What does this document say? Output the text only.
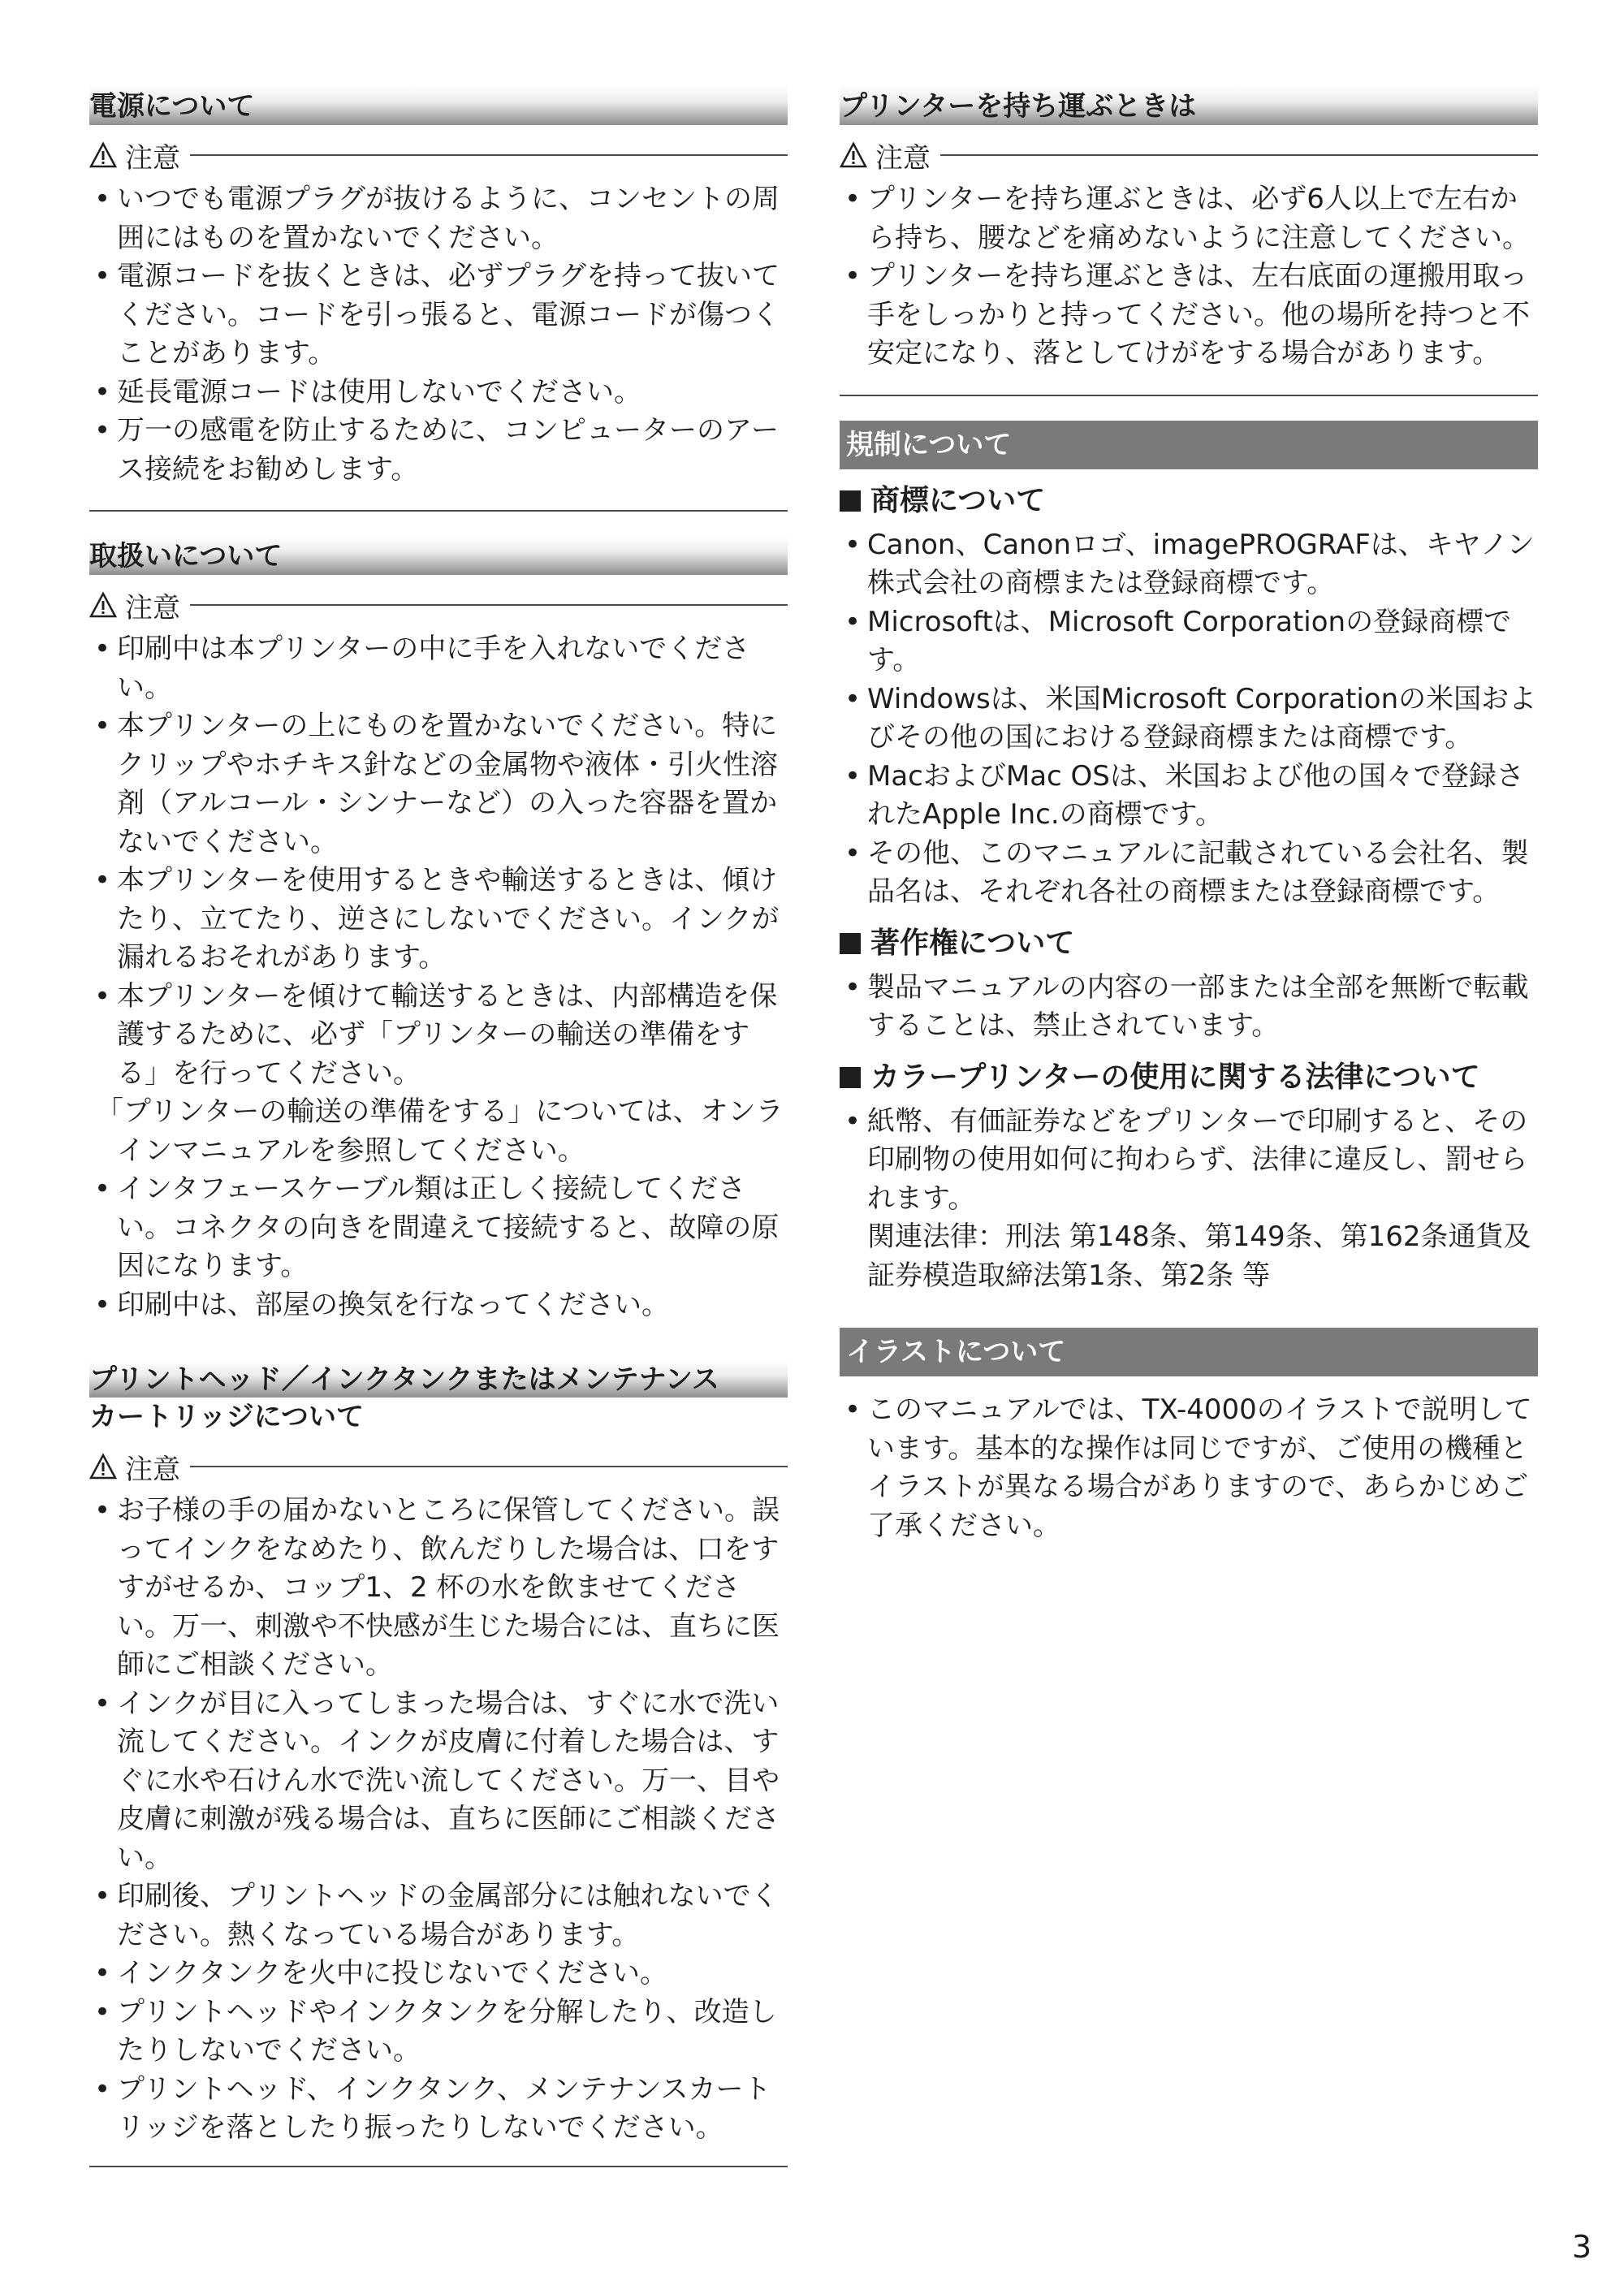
電源について
注意

• いつでも電源プラグが抜けるように、コンセントの周囲にはものを置かないでください。

• 電源コードを抜くときは、必ずプラグを持って抜いてください。コードを引っ張ると、電源コードが傷つくことがあります。

• 延長電源コードは使用しないでください。

• 万一の感電を防止するために、コンピューターのアース接続をお勧めします。

取扱いについて
注意

• 印刷中は本プリンターの中に手を入れないでください。

• 本プリンターの上にものを置かないでください。特にクリップやホチキス針などの金属物や液体・引火性溶剤（アルコール・シンナーなど）の入った容器を置かないでください。

• 本プリンターを使用するときや輸送するときは、傾けたり、立てたり、逆さにしないでください。インクが漏れるおそれがあります。

• 本プリンターを傾けて輸送するときは、内部構造を保護するために、必ず「プリンターの輸送の準備をする」を行ってください。

「プリンターの輸送の準備をする」については、オンラインマニュアルを参照してください。

• インタフェースケーブル類は正しく接続してください。コネクタの向きを間違えて接続すると、故障の原因になります。

• 印刷中は、部屋の換気を行なってください。

プリントヘッド／インクタンクまたはメンテナンス
カートリッジについて
注意

• お子様の手の届かないところに保管してください。誤ってインクをなめたり、飲んだりした場合は、口をすすがせるか、コップ1、2 杯の水を飲ませてください。万一、刺激や不快感が生じた場合には、直ちに医師にご相談ください。

• インクが目に入ってしまった場合は、すぐに水で洗い流してください。インクが皮膚に付着した場合は、すぐに水や石けん水で洗い流してください。万一、目や皮膚に刺激が残る場合は、直ちに医師にご相談ください。

• 印刷後、プリントヘッドの金属部分には触れないでください。熱くなっている場合があります。

• インクタンクを火中に投じないでください。

• プリントヘッドやインクタンクを分解したり、改造したりしないでください。

• プリントヘッド、インクタンク、メンテナンスカートリッジを落としたり振ったりしないでください。

プリンターを持ち運ぶときは
注意

• プリンターを持ち運ぶときは、必ず6人以上で左右から持ち、腰などを痛めないように注意してください。

• プリンターを持ち運ぶときは、左右底面の運搬用取っ手をしっかりと持ってください。他の場所を持つと不安定になり、落としてけがをする場合があります。

規制について
商標について

• Canon、Canonロゴ、imagePROGRAFは、キヤノン株式会社の商標または登録商標です。

• Microsoftは、Microsoft Corporationの登録商標です。

• Windowsは、米国Microsoft Corporationの米国およびその他の国における登録商標または商標です。

• MacおよびMac OSは、米国および他の国々で登録されたApple Inc.の商標です。

• その他、このマニュアルに記載されている会社名、製品名は、それぞれ各社の商標または登録商標です。

著作権について

• 製品マニュアルの内容の一部または全部を無断で転載することは、禁止されています。

カラープリンターの使用に関する法律について

• 紙幣、有価証券などをプリンターで印刷すると、その印刷物の使用如何に拘わらず、法律に違反し、罰せられます。

関連法律：刑法 第148条、第149条、第162条通貨及証券模造取締法第1条、第2条 等

イラストについて

• このマニュアルでは、TX-4000のイラストで説明しています。基本的な操作は同じですが、ご使用の機種とイラストが異なる場合がありますので、あらかじめご了承ください。

3
